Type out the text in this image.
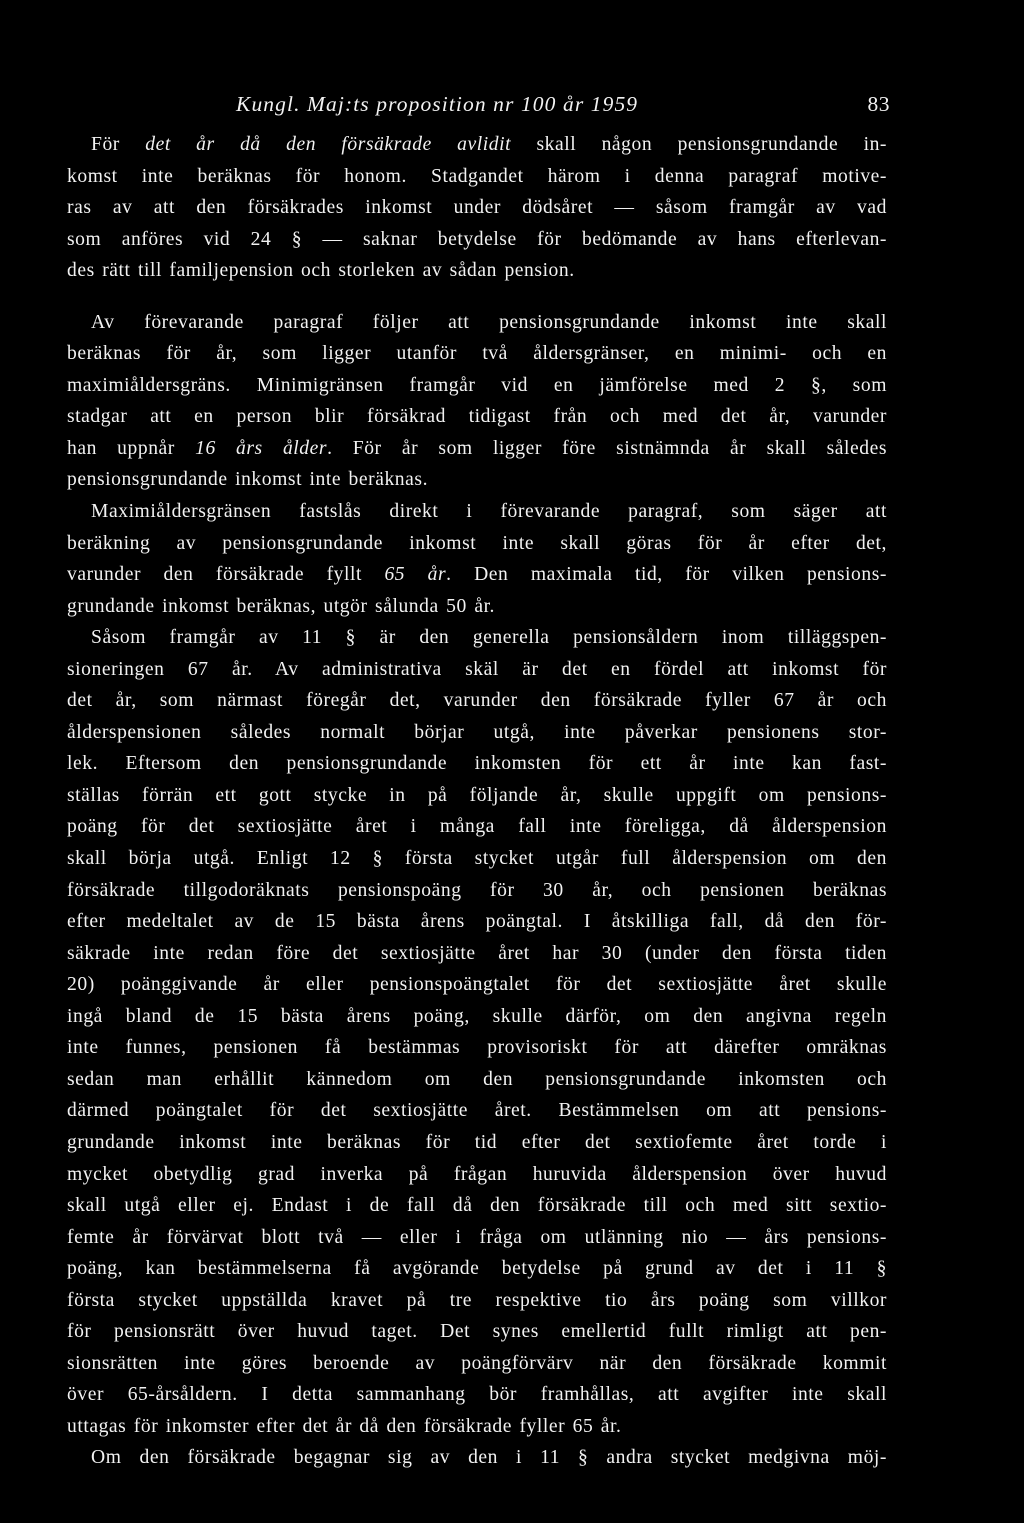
Kungl. Maj:ts proposition nr 100 år 1959	83

För det år då den försäkrade avlidit skall någon pensionsgrundande in-
komst inte beräknas för honom. Stadgandet härom i denna paragraf motive-
ras av att den försäkrades inkomst under dödsåret — såsom framgår av vad
som anföres vid 24 § — saknar betydelse för bedömande av hans efterlevan-
des rätt till familjepension och storleken av sådan pension.

Av förevarande paragraf följer att pensionsgrundande inkomst inte skall
beräknas för år, som ligger utanför två åldersgränser, en minimi- och en
maximiåldersgräns. Minimigränsen framgår vid en jämförelse med 2 §, som
stadgar att en person blir försäkrad tidigast från och med det år, varunder
han uppnår 16 års ålder. För år som ligger före sistnämnda år skall således
pensionsgrundande inkomst inte beräknas.

Maximiåldersgränsen fastslås direkt i förevarande paragraf, som säger att
beräkning av pensionsgrundande inkomst inte skall göras för år efter det,
varunder den försäkrade fyllt 65 år. Den maximala tid, för vilken pensions-
grundande inkomst beräknas, utgör sålunda 50 år.

Såsom framgår av 11 § är den generella pensionsåldern inom tilläggspen-
sioneringen 67 år. Av administrativa skäl är det en fördel att inkomst för
det år, som närmast föregår det, varunder den försäkrade fyller 67 år och
ålderspensionen således normalt börjar utgå, inte påverkar pensionens stor-
lek. Eftersom den pensionsgrundande inkomsten för ett år inte kan fast-
ställas förrän ett gott stycke in på följande år, skulle uppgift om pensions-
poäng för det sextiosjätte året i många fall inte föreligga, då ålderspension
skall börja utgå. Enligt 12 § första stycket utgår full ålderspension om den
försäkrade tillgodoräknats pensionspoäng för 30 år, och pensionen beräknas
efter medeltalet av de 15 bästa årens poängtal. I åtskilliga fall, då den för-
säkrade inte redan före det sextiosjätte året har 30 (under den första tiden
20) poänggivande år eller pensionspoängtalet för det sextiosjätte året skulle
ingå bland de 15 bästa årens poäng, skulle därför, om den angivna regeln
inte funnes, pensionen få bestämmas provisoriskt för att därefter omräknas
sedan man erhållit kännedom om den pensionsgrundande inkomsten och
därmed poängtalet för det sextiosjätte året. Bestämmelsen om att pensions-
grundande inkomst inte beräknas för tid efter det sextiofemte året torde i
mycket obetydlig grad inverka på frågan huruvida ålderspension över huvud
skall utgå eller ej. Endast i de fall då den försäkrade till och med sitt sextio-
femte år förvärvat blott två — eller i fråga om utlänning nio — års pensions-
poäng, kan bestämmelserna få avgörande betydelse på grund av det i 11 §
första stycket uppställda kravet på tre respektive tio års poäng som villkor
för pensionsrätt över huvud taget. Det synes emellertid fullt rimligt att pen-
sionsrätten inte göres beroende av poängförvärv när den försäkrade kommit
över 65-årsåldern. I detta sammanhang bör framhållas, att avgifter inte skall
uttagas för inkomster efter det år då den försäkrade fyller 65 år.

Om den försäkrade begagnar sig av den i 11 § andra stycket medgivna möj-
